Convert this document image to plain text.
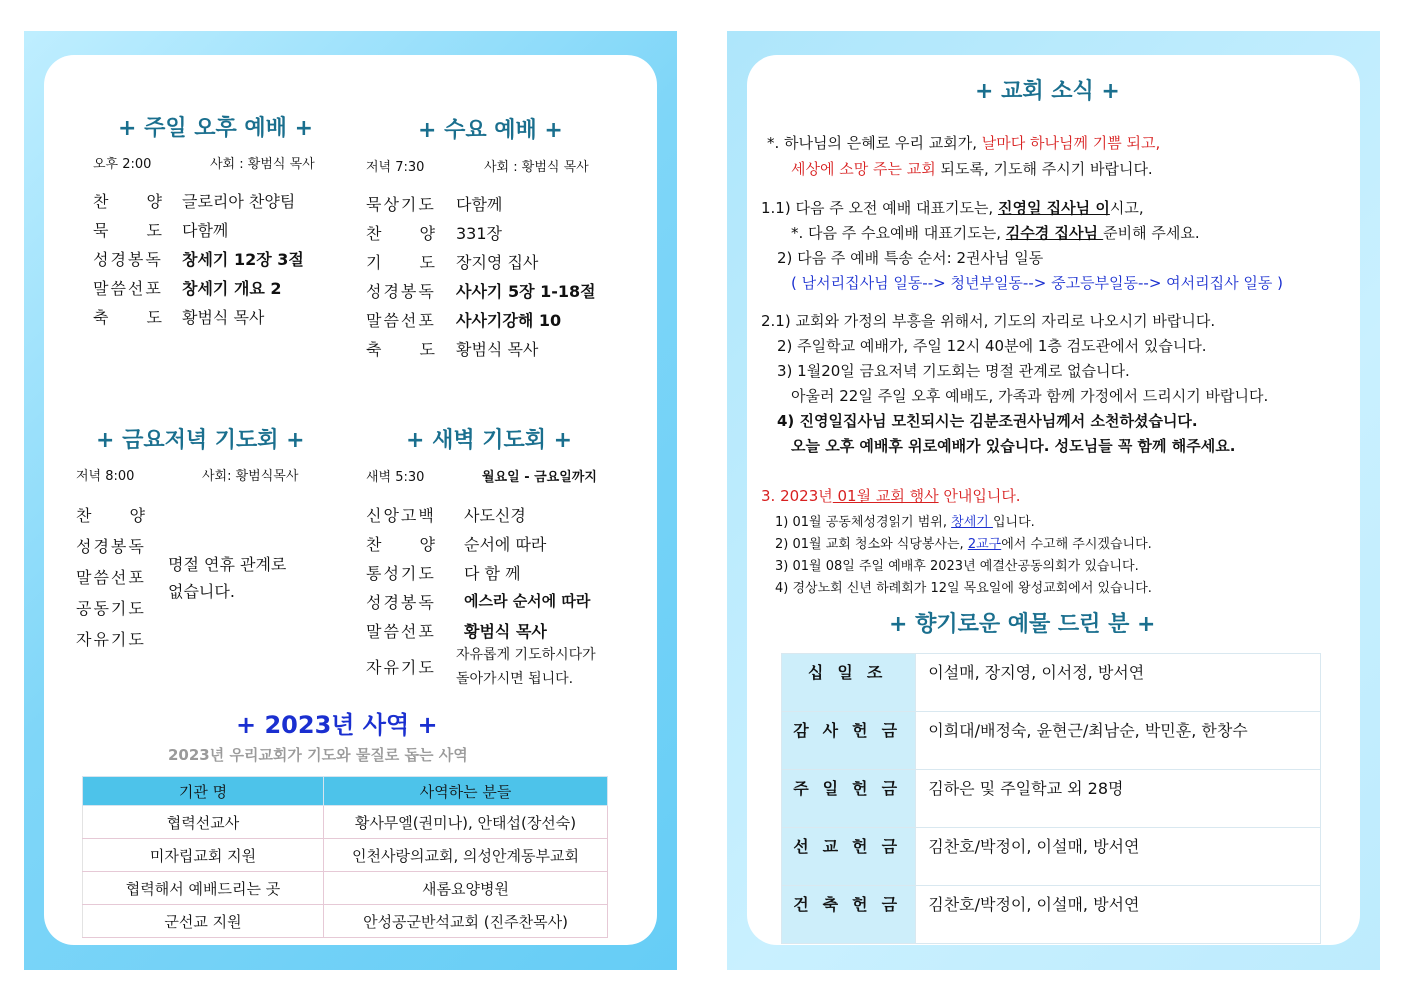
+ 주일 오후 예배 +
오후 2:00	사회 : 황범식 목사
찬　　양 글로리아 찬양팀
묵　　도 다함께
성경봉독 창세기 12장 3절
말씀선포 창세기 개요 2
축　　도 황범식 목사
+ 수요 예배 +
저녁 7:30	사회 : 황범식 목사
묵상기도 다함께
찬　　양 331장
기　　도 장지영 집사
성경봉독 사사기 5장 1-18절
말씀선포 사사기강해 10
축　　도 황범식 목사
+ 금요저녁 기도회 +
저녁 8:00	사회: 황범식목사
찬　　양
성경봉독
말씀선포
공동기도
자유기도
명절 연휴 관계로
없습니다.
+ 새벽 기도회 +
새벽 5:30	월요일 - 금요일까지
신앙고백 사도신경
찬　　양 순서에 따라
통성기도 다 함 께
성경봉독 에스라 순서에 따라
말씀선포 황범식 목사
자유기도
자유롭게 기도하시다가
돌아가시면 됩니다.
+ 2023년 사역 +
2023년 우리교회가 기도와 물질로 돕는 사역
기관 명	사역하는 분들
협력선교사	황사무엘(권미나), 안태섭(장선숙)
미자립교회 지원	인천사랑의교회, 의성안계동부교회
협력해서 예배드리는 곳	새롬요양병원
군선교 지원	안성공군반석교회 (진주찬목사)
+ 교회 소식 +
*. 하나님의 은혜로 우리 교회가, 날마다 하나님께 기쁨 되고,
세상에 소망 주는 교회 되도록, 기도해 주시기 바랍니다.
1.1) 다음 주 오전 예배 대표기도는, 진영일 집사님 이시고,
*. 다음 주 수요예배 대표기도는, 김수경 집사님 준비해 주세요.
2) 다음 주 예배 특송 순서: 2권사님 일동
( 남서리집사님 일동--> 청년부일동--> 중고등부일동--> 여서리집사 일동 )
2.1) 교회와 가정의 부흥을 위해서, 기도의 자리로 나오시기 바랍니다.
2) 주일학교 예배가, 주일 12시 40분에 1층 검도관에서 있습니다.
3) 1월20일 금요저녁 기도회는 명절 관계로 없습니다.
아울러 22일 주일 오후 예배도, 가족과 함께 가정에서 드리시기 바랍니다.
4) 진영일집사님 모친되시는 김분조권사님께서 소천하셨습니다.
오늘 오후 예배후 위로예배가 있습니다. 성도님들 꼭 함께 해주세요.
3. 2023년 01월 교회 행사 안내입니다.
1) 01월 공동체성경읽기 범위, 창세기 입니다.
2) 01월 교회 청소와 식당봉사는, 2교구에서 수고해 주시겠습니다.
3) 01월 08일 주일 예배후 2023년 예결산공동의회가 있습니다.
4) 경상노회 신년 하례회가 12일 목요일에 왕성교회에서 있습니다.
+ 향기로운 예물 드린 분 +
십일조	이설매, 장지영, 이서정, 방서연
감사헌금	이희대/배정숙, 윤현근/최남순, 박민훈, 한창수
주일헌금	김하은 및 주일학교 외 28명
선교헌금	김찬호/박정이, 이설매, 방서연
건축헌금	김찬호/박정이, 이설매, 방서연
